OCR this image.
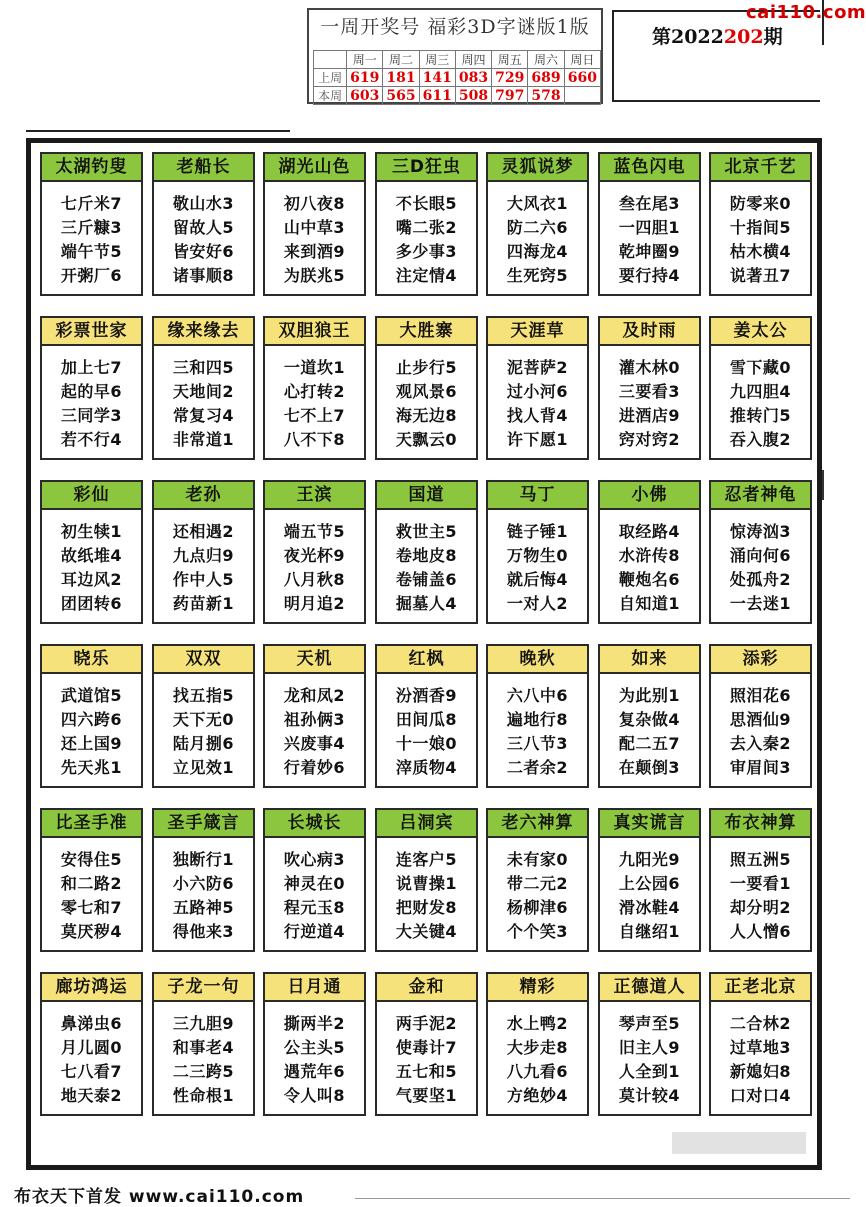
一周开奖号 福彩3D字谜版1版
	周一	周二	周三	周四	周五	周六	周日
上周	619	181	141	083	729	689	660
本周	603	565	611	508	797	578	
第2022202期
cai110.com
太湖钓叟
七斤米7
三斤糠3
端午节5
开粥厂6
老船长
敬山水3
留故人5
皆安好6
诸事顺8
湖光山色
初八夜8
山中草3
来到酒9
为朕兆5
三D狂虫
不长眼5
嘴二张2
多少事3
注定情4
灵狐说梦
大风衣1
防二六6
四海龙4
生死窍5
蓝色闪电
叁在尾3
一四胆1
乾坤圈9
要行持4
北京千艺
防零来0
十指间5
枯木横4
说著丑7
彩票世家
加上七7
起的早6
三同学3
若不行4
缘来缘去
三和四5
天地间2
常复习4
非常道1
双胆狼王
一道坎1
心打转2
七不上7
八不下8
大胜寨
止步行5
观风景6
海无边8
天飘云0
天涯草
泥菩萨2
过小河6
找人背4
许下愿1
及时雨
灌木林0
三要看3
进酒店9
窍对窍2
姜太公
雪下藏0
九四胆4
推转门5
吞入腹2
彩仙
初生犊1
故纸堆4
耳边风2
团团转6
老孙
还相遇2
九点归9
作中人5
药苗新1
王滨
端五节5
夜光杯9
八月秋8
明月追2
国道
救世主5
卷地皮8
卷铺盖6
掘墓人4
马丁
链子锤1
万物生0
就后悔4
一对人2
小佛
取经路4
水浒传8
鞭炮名6
自知道1
忍者神龟
惊涛汹3
涌向何6
处孤舟2
一去迷1
晓乐
武道馆5
四六跨6
还上国9
先天兆1
双双
找五指5
天下无0
陆月捌6
立见效1
天机
龙和凤2
祖孙俩3
兴废事4
行着妙6
红枫
汾酒香9
田间瓜8
十一娘0
滓质物4
晚秋
六八中6
遍地行8
三八节3
二者余2
如来
为此别1
复杂做4
配二五7
在颠倒3
添彩
照泪花6
思酒仙9
去入秦2
审眉间3
比圣手准
安得住5
和二路2
零七和7
莫厌秽4
圣手箴言
独断行1
小六防6
五路神5
得他来3
长城长
吹心病3
神灵在0
程元玉8
行逆道4
吕洞宾
连客户5
说曹操1
把财发8
大关键4
老六神算
未有家0
带二元2
杨柳津6
个个笑3
真实谎言
九阳光9
上公园6
滑冰鞋4
自继绍1
布衣神算
照五洲5
一要看1
却分明2
人人憎6
廊坊鸿运
鼻涕虫6
月儿圆0
七八看7
地天泰2
子龙一句
三九胆9
和事老4
二三跨5
性命根1
日月通
撕两半2
公主头5
遇荒年6
令人叫8
金和
两手泥2
使毒计7
五七和5
气要坚1
精彩
水上鸭2
大步走8
八九看6
方绝妙4
正德道人
琴声至5
旧主人9
人全到1
莫计较4
正老北京
二合林2
过草地3
新媳妇8
口对口4
布衣天下首发 www.cai110.com
